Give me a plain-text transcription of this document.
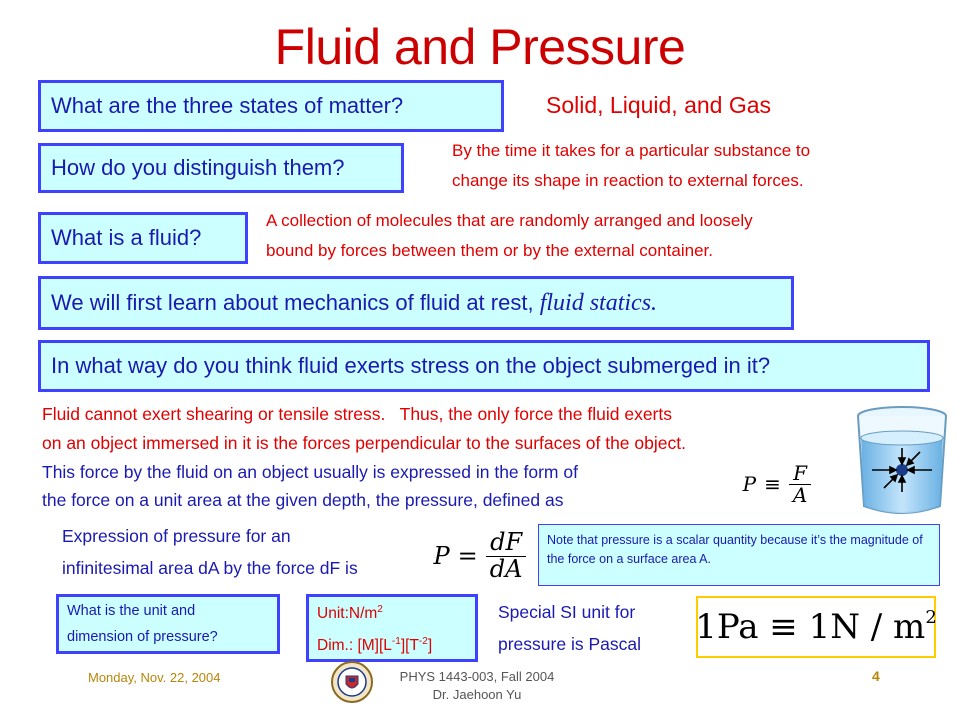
Fluid and Pressure
What are the three states of matter?	Solid, Liquid, and Gas
How do you distinguish them?
By the time it takes for a particular substance to
change its shape in reaction to external forces.
What is a fluid?
A collection of molecules that are randomly arranged and loosely
bound by forces between them or by the external container.
We will first learn about mechanics of fluid at rest, fluid statics.
In what way do you think fluid exerts stress on the object submerged in it?
Fluid cannot exert shearing or tensile stress.   Thus, the only force the fluid exerts
on an object immersed in it is the forces perpendicular to the surfaces of the object.
This force by the fluid on an object usually is expressed in the form of
the force on a unit area at the given depth, the pressure, defined as
$P \equiv \frac{F}{A}$
Expression of pressure for an
infinitesimal area dA by the force dF is	$P = \frac{dF}{dA}$	Note that pressure is a scalar quantity because it’s the magnitude of the force on a surface area A.
What is the unit and
dimension of pressure?
$Unit:N/m^2$
Dim.: $[M][L^{-1}][T^{-2}]$
Special SI unit for
pressure is Pascal $1Pa \equiv 1N / m^2$
Monday, Nov. 22, 2004	PHYS 1443-003, Fall 2004
Dr. Jaehoon Yu
4
